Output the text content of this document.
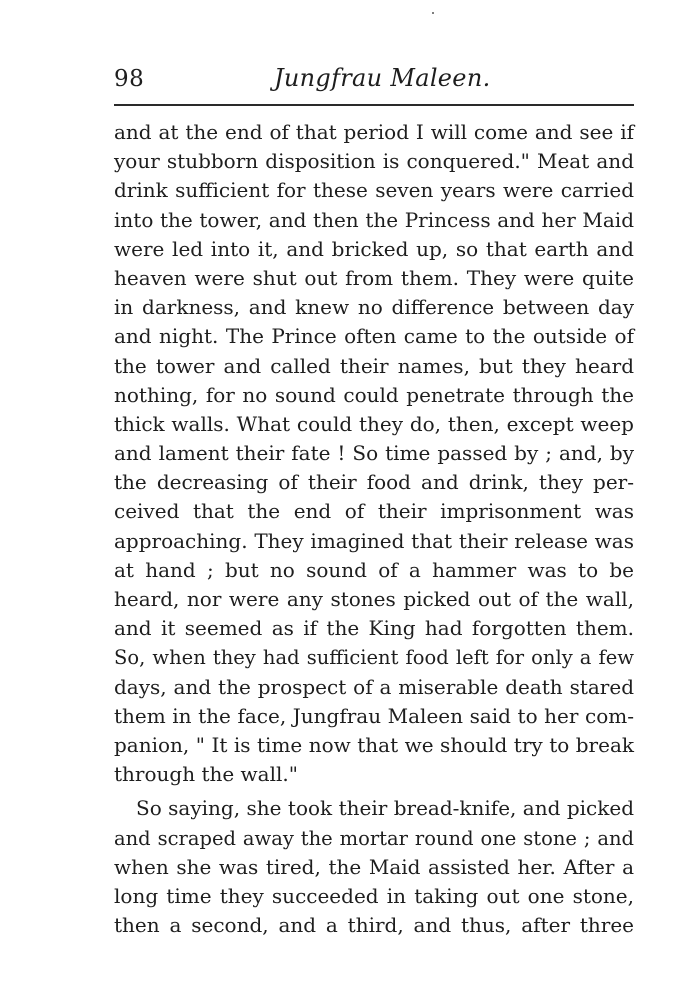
98	Jungfrau Maleen.
and at the end of that period I will come and see if
your stubborn disposition is conquered." Meat and
drink sufficient for these seven years were carried
into the tower, and then the Princess and her Maid
were led into it, and bricked up, so that earth and
heaven were shut out from them. They were quite
in darkness, and knew no difference between day
and night. The Prince often came to the outside of
the tower and called their names, but they heard
nothing, for no sound could penetrate through the
thick walls. What could they do, then, except weep
and lament their fate ! So time passed by ; and, by
the decreasing of their food and drink, they per-
ceived that the end of their imprisonment was
approaching. They imagined that their release was
at hand ; but no sound of a hammer was to be
heard, nor were any stones picked out of the wall,
and it seemed as if the King had forgotten them.
So, when they had sufficient food left for only a few
days, and the prospect of a miserable death stared
them in the face, Jungfrau Maleen said to her com-
panion, " It is time now that we should try to break
through the wall."
So saying, she took their bread-knife, and picked
and scraped away the mortar round one stone ; and
when she was tired, the Maid assisted her. After a
long time they succeeded in taking out one stone,
then a second, and a third, and thus, after three
